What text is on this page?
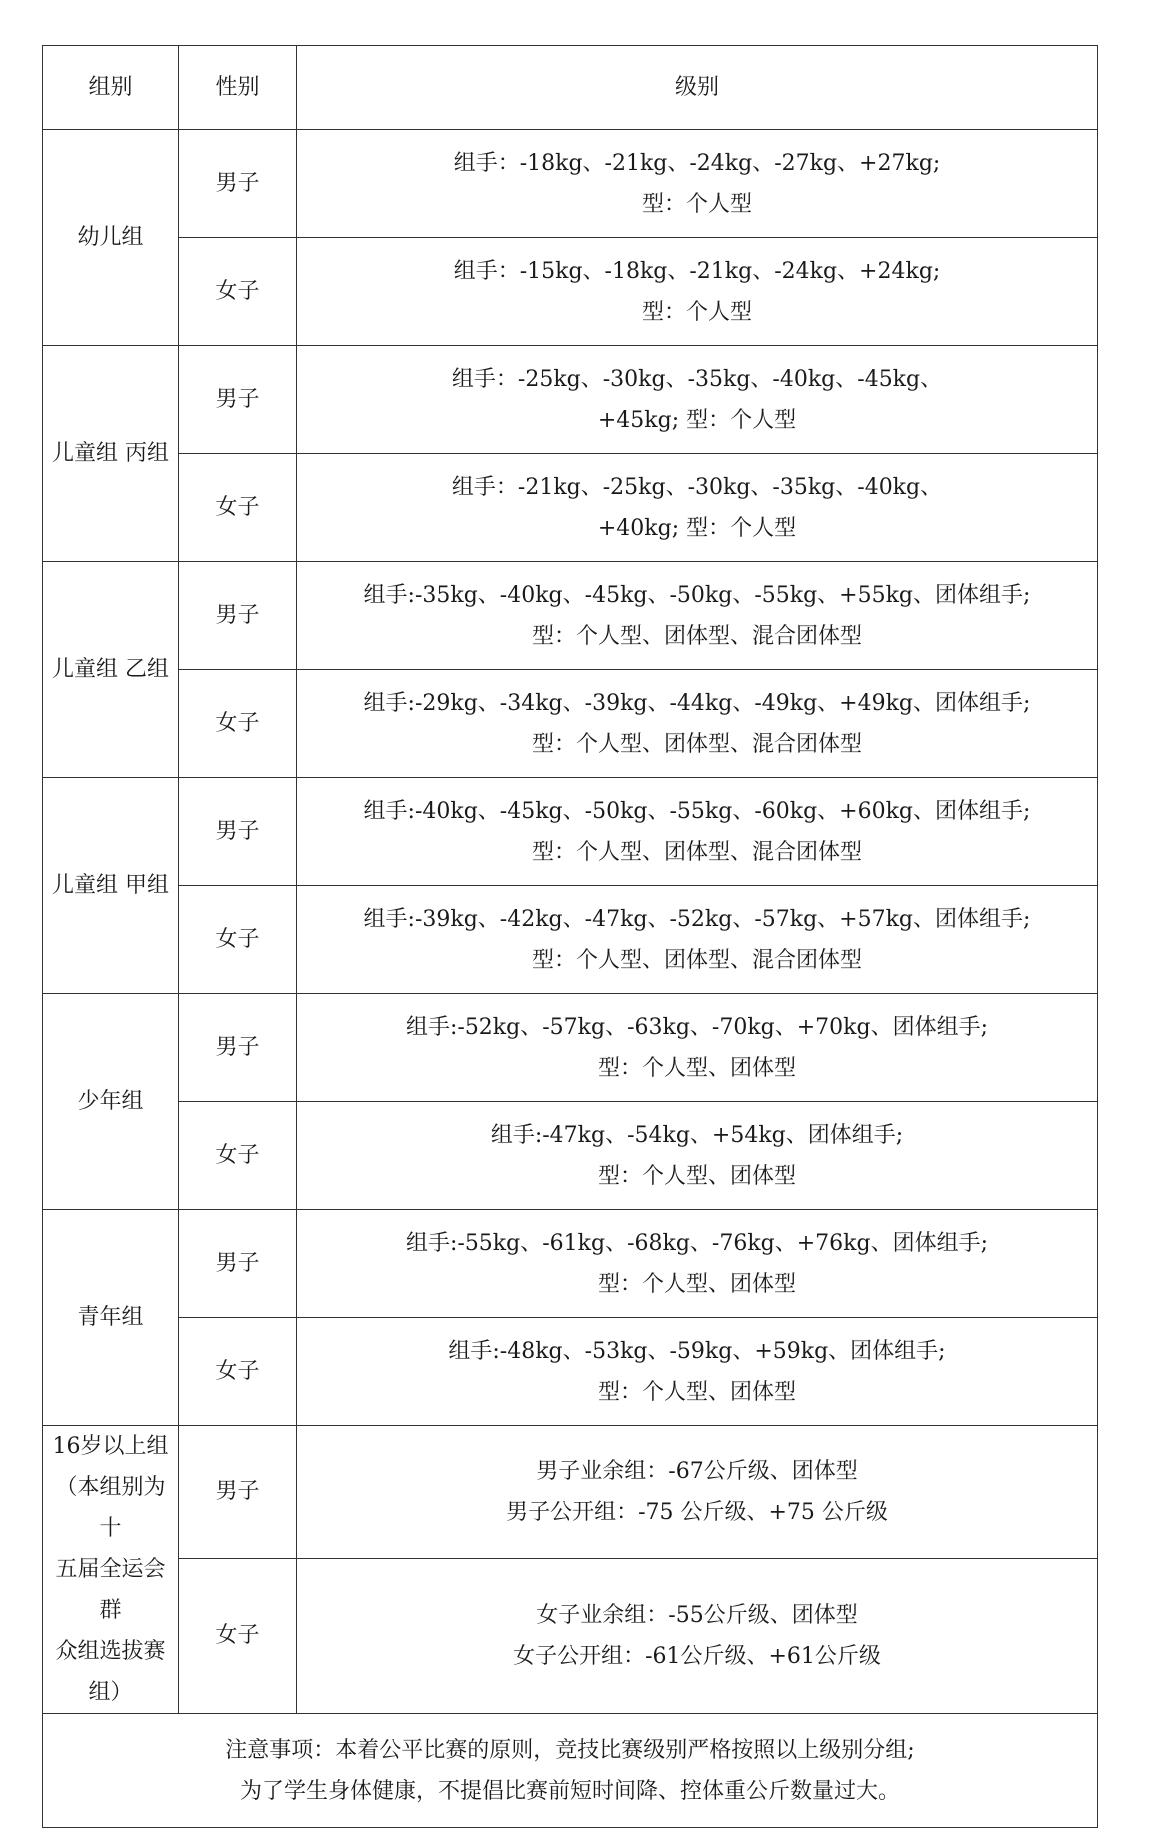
组别	性别	级别

幼儿组	男子	组手：-18kg、-21kg、-24kg、-27kg、+27kg;
型：个人型

	女子	组手：-15kg、-18kg、-21kg、-24kg、+24kg;
型：个人型

儿童组 丙组	男子	组手：-25kg、-30kg、-35kg、-40kg、-45kg、
+45kg; 型：个人型

	女子	组手：-21kg、-25kg、-30kg、-35kg、-40kg、
+40kg; 型：个人型

儿童组 乙组	男子	组手:-35kg、-40kg、-45kg、-50kg、-55kg、+55kg、团体组手;
型：个人型、团体型、混合团体型

	女子	组手:-29kg、-34kg、-39kg、-44kg、-49kg、+49kg、团体组手;
型：个人型、团体型、混合团体型

儿童组 甲组	男子	组手:-40kg、-45kg、-50kg、-55kg、-60kg、+60kg、团体组手;
型：个人型、团体型、混合团体型

	女子	组手:-39kg、-42kg、-47kg、-52kg、-57kg、+57kg、团体组手;
型：个人型、团体型、混合团体型

少年组	男子	组手:-52kg、-57kg、-63kg、-70kg、+70kg、团体组手;
型：个人型、团体型

	女子	组手:-47kg、-54kg、+54kg、团体组手;
型：个人型、团体型

青年组	男子	组手:-55kg、-61kg、-68kg、-76kg、+76kg、团体组手;
型：个人型、团体型

	女子	组手:-48kg、-53kg、-59kg、+59kg、团体组手;
型：个人型、团体型

16岁以上组
（本组别为十
五届全运会群
众组选拔赛
组）	男子	男子业余组：-67公斤级、团体型
男子公开组：-75 公斤级、+75 公斤级

	女子	女子业余组：-55公斤级、团体型
女子公开组：-61公斤级、+61公斤级

注意事项：本着公平比赛的原则，竞技比赛级别严格按照以上级别分组;
为了学生身体健康，不提倡比赛前短时间降、控体重公斤数量过大。		
